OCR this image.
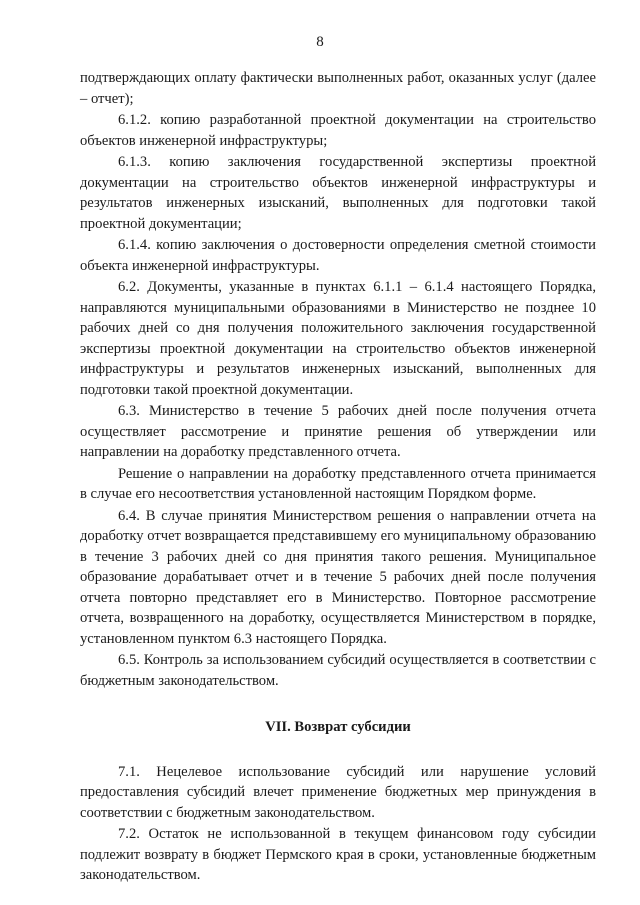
8

подтверждающих оплату фактически выполненных работ, оказанных услуг (далее – отчет);

6.1.2. копию разработанной проектной документации на строительство объектов инженерной инфраструктуры;

6.1.3. копию заключения государственной экспертизы проектной документации на строительство объектов инженерной инфраструктуры и результатов инженерных изысканий, выполненных для подготовки такой проектной документации;

6.1.4. копию заключения о достоверности определения сметной стоимости объекта инженерной инфраструктуры.

6.2. Документы, указанные в пунктах 6.1.1 – 6.1.4 настоящего Порядка, направляются муниципальными образованиями в Министерство не позднее 10 рабочих дней со дня получения положительного заключения государственной экспертизы проектной документации на строительство объектов инженерной инфраструктуры и результатов инженерных изысканий, выполненных для подготовки такой проектной документации.

6.3. Министерство в течение 5 рабочих дней после получения отчета осуществляет рассмотрение и принятие решения об утверждении или направлении на доработку представленного отчета.

Решение о направлении на доработку представленного отчета принимается в случае его несоответствия установленной настоящим Порядком форме.

6.4. В случае принятия Министерством решения о направлении отчета на доработку отчет возвращается представившему его муниципальному образованию в течение 3 рабочих дней со дня принятия такого решения. Муниципальное образование дорабатывает отчет и в течение 5 рабочих дней после получения отчета повторно представляет его в Министерство. Повторное рассмотрение отчета, возвращенного на доработку, осуществляется Министерством в порядке, установленном пунктом 6.3 настоящего Порядка.

6.5. Контроль за использованием субсидий осуществляется в соответствии с бюджетным законодательством.

VII. Возврат субсидии

7.1. Нецелевое использование субсидий или нарушение условий предоставления субсидий влечет применение бюджетных мер принуждения в соответствии с бюджетным законодательством.

7.2. Остаток не использованной в текущем финансовом году субсидии подлежит возврату в бюджет Пермского края в сроки, установленные бюджетным законодательством.
